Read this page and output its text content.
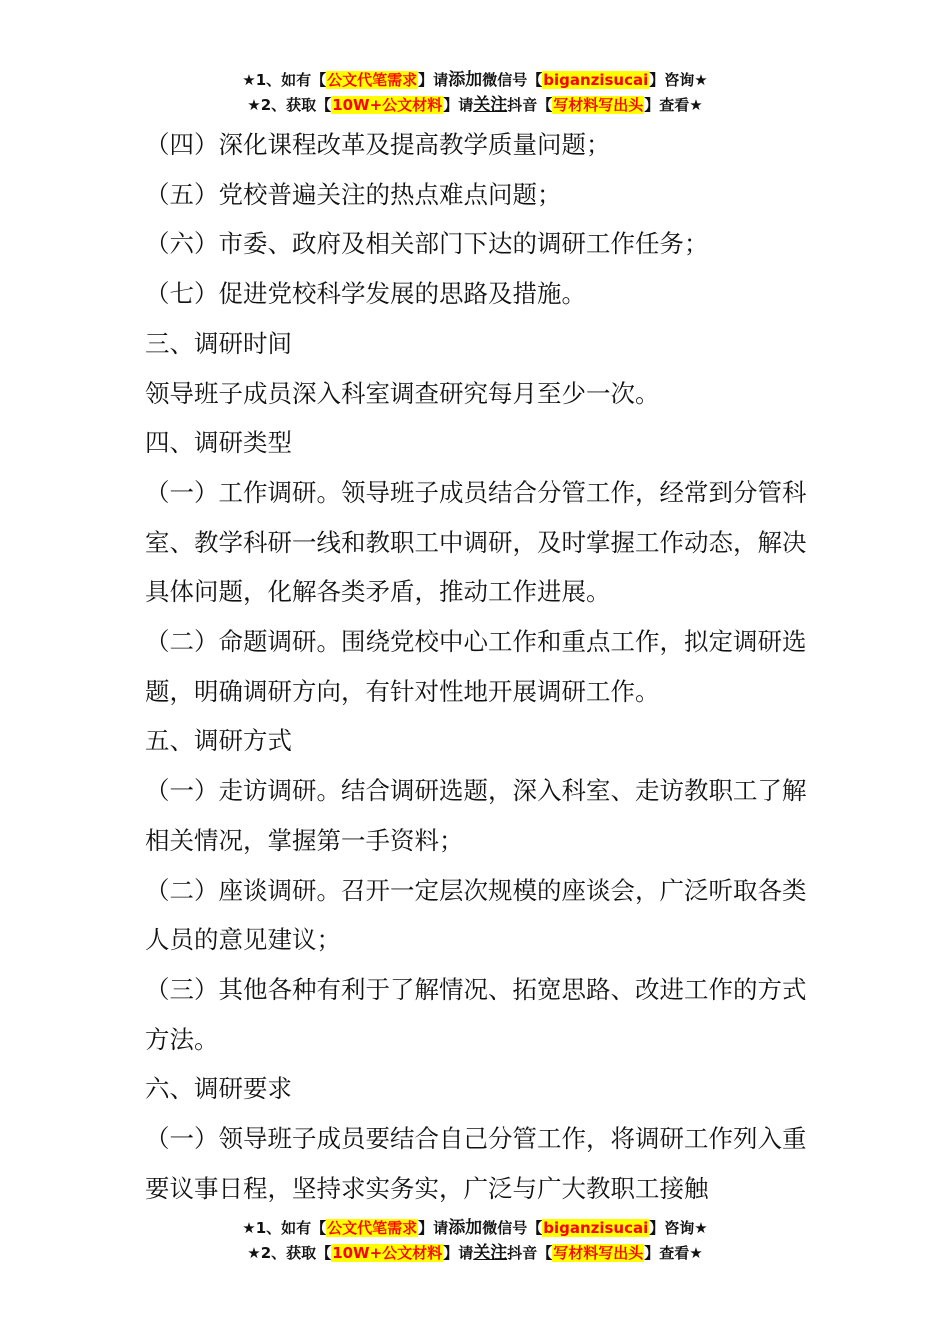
★1、如有【公文代笔需求】请添加微信号【biganzisucai】咨询★
★2、获取【10W+公文材料】请关注抖音【写材料写出头】查看★

（四）深化课程改革及提高教学质量问题；

（五）党校普遍关注的热点难点问题；

（六）市委、政府及相关部门下达的调研工作任务；

（七）促进党校科学发展的思路及措施。

三、调研时间

领导班子成员深入科室调查研究每月至少一次。

四、调研类型

（一）工作调研。领导班子成员结合分管工作，经常到分管科室、教学科研一线和教职工中调研，及时掌握工作动态，解决具体问题，化解各类矛盾，推动工作进展。

（二）命题调研。围绕党校中心工作和重点工作，拟定调研选题，明确调研方向，有针对性地开展调研工作。

五、调研方式

（一）走访调研。结合调研选题，深入科室、走访教职工了解相关情况，掌握第一手资料；

（二）座谈调研。召开一定层次规模的座谈会，广泛听取各类人员的意见建议；

（三）其他各种有利于了解情况、拓宽思路、改进工作的方式方法。

六、调研要求

（一）领导班子成员要结合自己分管工作，将调研工作列入重要议事日程，坚持求实务实，广泛与广大教职工接触

★1、如有【公文代笔需求】请添加微信号【biganzisucai】咨询★
★2、获取【10W+公文材料】请关注抖音【写材料写出头】查看★
